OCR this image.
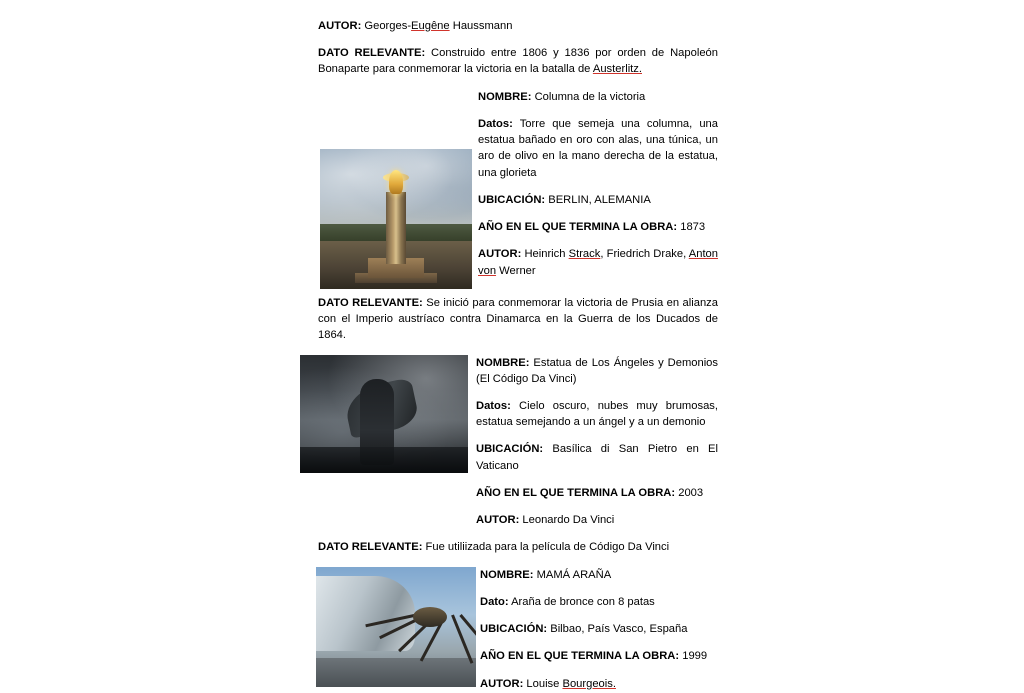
AUTOR: Georges-Eugêne Haussmann

DATO RELEVANTE: Construido entre 1806 y 1836 por orden de Napoleón Bonaparte para conmemorar la victoria en la batalla de Austerlitz.

NOMBRE: Columna de la victoria

Datos: Torre que semeja una columna, una estatua bañado en oro con alas, una túnica, un aro de olivo en la mano derecha de la estatua, una glorieta

UBICACIÓN: BERLIN, ALEMANIA

AÑO EN EL QUE TERMINA LA OBRA: 1873

AUTOR: Heinrich Strack, Friedrich Drake, Anton von Werner

DATO RELEVANTE: Se inició para conmemorar la victoria de Prusia en alianza con el Imperio austríaco contra Dinamarca en la Guerra de los Ducados de 1864.

NOMBRE: Estatua de Los Ángeles y Demonios (El Código Da Vinci)

Datos: Cielo oscuro, nubes muy brumosas, estatua semejando a un ángel y a un demonio

UBICACIÓN: Basílica di San Pietro en El Vaticano

AÑO EN EL QUE TERMINA LA OBRA: 2003

AUTOR: Leonardo Da Vinci

DATO RELEVANTE: Fue utiliizada para la película de Código Da Vinci

NOMBRE: MAMÁ ARAÑA

Dato: Araña de bronce con 8 patas

UBICACIÓN: Bilbao, País Vasco, España

AÑO EN EL QUE TERMINA LA OBRA: 1999

AUTOR: Louise Bourgeois.
